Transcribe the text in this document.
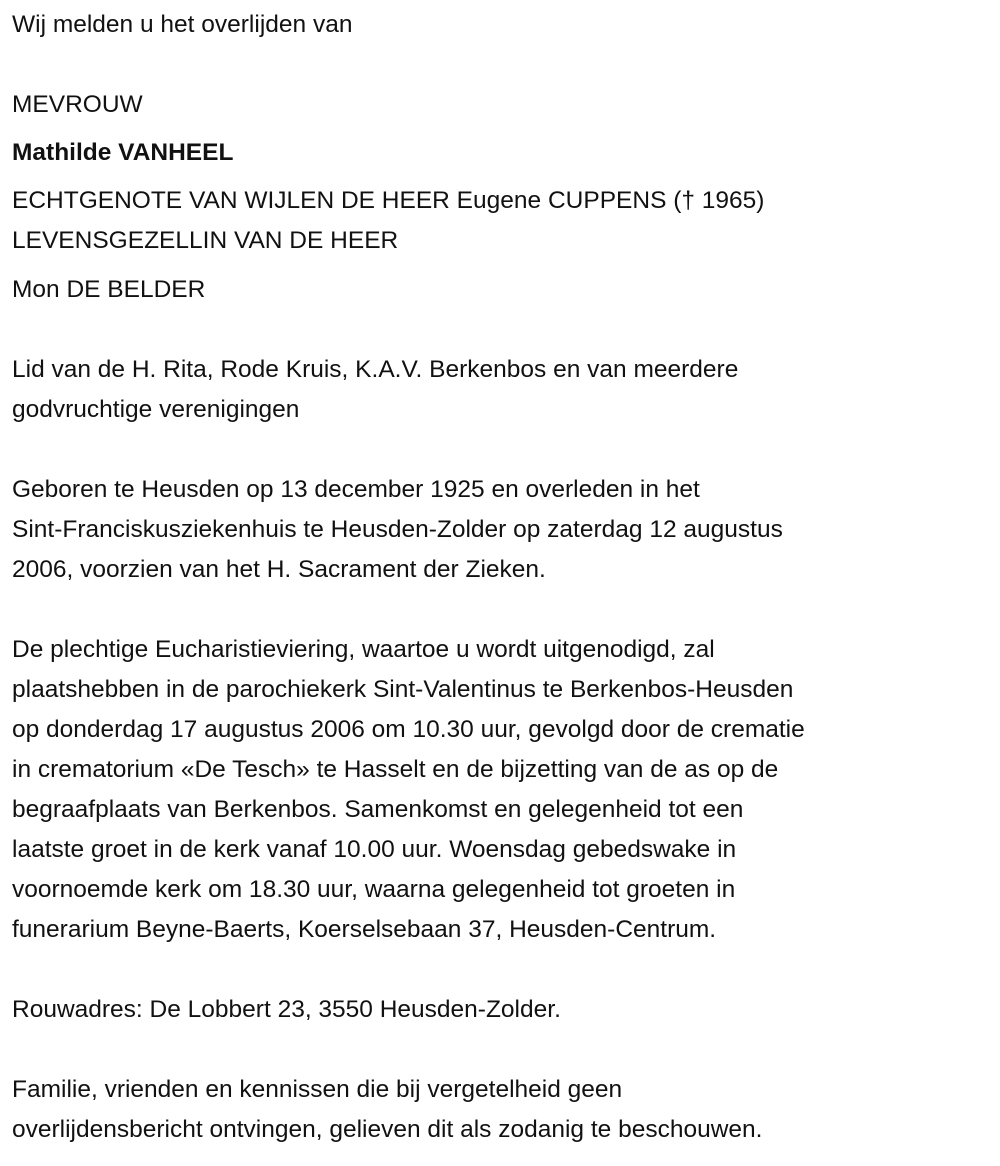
Wij melden u het overlijden van
MEVROUW
Mathilde VANHEEL
ECHTGENOTE VAN WIJLEN DE HEER Eugene CUPPENS († 1965)
LEVENSGEZELLIN VAN DE HEER
Mon DE BELDER
Lid van de H. Rita, Rode Kruis, K.A.V. Berkenbos en van meerdere
godvruchtige verenigingen
Geboren te Heusden op 13 december 1925 en overleden in het
Sint-Franciskusziekenhuis te Heusden-Zolder op zaterdag 12 augustus
2006, voorzien van het H. Sacrament der Zieken.
De plechtige Eucharistieviering, waartoe u wordt uitgenodigd, zal
plaatshebben in de parochiekerk Sint-Valentinus te Berkenbos-Heusden
op donderdag 17 augustus 2006 om 10.30 uur, gevolgd door de crematie
in crematorium «De Tesch» te Hasselt en de bijzetting van de as op de
begraafplaats van Berkenbos. Samenkomst en gelegenheid tot een
laatste groet in de kerk vanaf 10.00 uur. Woensdag gebedswake in
voornoemde kerk om 18.30 uur, waarna gelegenheid tot groeten in
funerarium Beyne-Baerts, Koerselsebaan 37, Heusden-Centrum.
Rouwadres: De Lobbert 23, 3550 Heusden-Zolder.
Familie, vrienden en kennissen die bij vergetelheid geen
overlijdensbericht ontvingen, gelieven dit als zodanig te beschouwen.
